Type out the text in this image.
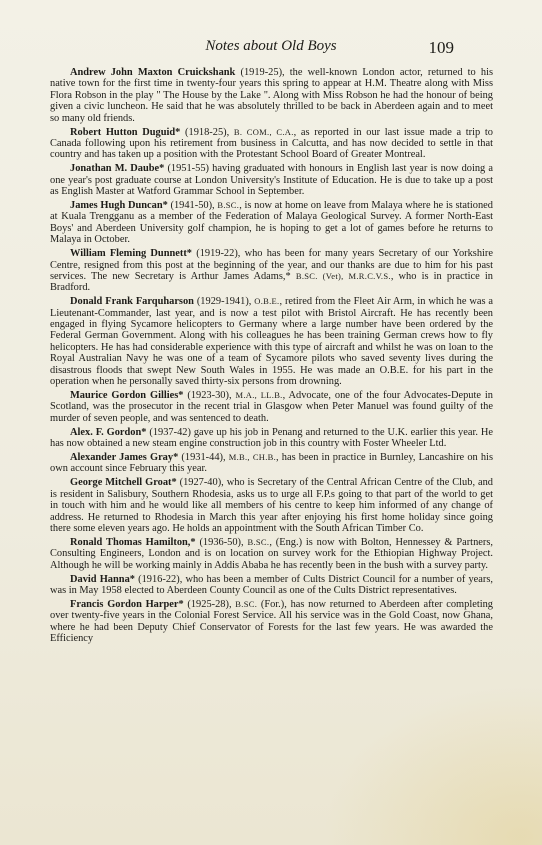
Notes about Old Boys	109

Andrew John Maxton Cruickshank (1919-25), the well-known London actor, returned to his native town for the first time in twenty-four years this spring to appear at H.M. Theatre along with Miss Flora Robson in the play " The House by the Lake ". Along with Miss Robson he had the honour of being given a civic luncheon. He said that he was absolutely thrilled to be back in Aberdeen again and to meet so many old friends.

Robert Hutton Duguid* (1918-25), B. COM., C.A., as reported in our last issue made a trip to Canada following upon his retirement from business in Calcutta, and has now decided to settle in that country and has taken up a position with the Protestant School Board of Greater Montreal.

Jonathan M. Daube* (1951-55) having graduated with honours in English last year is now doing a one year's post graduate course at London University's Institute of Education. He is due to take up a post as English Master at Watford Grammar School in September.

James Hugh Duncan* (1941-50), B.SC., is now at home on leave from Malaya where he is stationed at Kuala Trengganu as a member of the Federation of Malaya Geological Survey. A former North-East Boys' and Aberdeen University golf champion, he is hoping to get a lot of games before he returns to Malaya in October.

William Fleming Dunnett* (1919-22), who has been for many years Secretary of our Yorkshire Centre, resigned from this post at the beginning of the year, and our thanks are due to him for his past services. The new Secretary is Arthur James Adams,* B.SC. (Vet), M.R.C.V.S., who is in practice in Bradford.

Donald Frank Farquharson (1929-1941), O.B.E., retired from the Fleet Air Arm, in which he was a Lieutenant-Commander, last year, and is now a test pilot with Bristol Aircraft. He has recently been engaged in flying Sycamore helicopters to Germany where a large number have been ordered by the Federal German Government. Along with his colleagues he has been training German crews how to fly helicopters. He has had considerable experience with this type of aircraft and whilst he was on loan to the Royal Australian Navy he was one of a team of Sycamore pilots who saved seventy lives during the disastrous floods that swept New South Wales in 1955. He was made an O.B.E. for his part in the operation when he personally saved thirty-six persons from drowning.

Maurice Gordon Gillies* (1923-30), M.A., LL.B., Advocate, one of the four Advocates-Depute in Scotland, was the prosecutor in the recent trial in Glasgow when Peter Manuel was found guilty of the murder of seven people, and was sentenced to death.

Alex. F. Gordon* (1937-42) gave up his job in Penang and returned to the U.K. earlier this year. He has now obtained a new steam engine construction job in this country with Foster Wheeler Ltd.

Alexander James Gray* (1931-44), M.B., CH.B., has been in practice in Burnley, Lancashire on his own account since February this year.

George Mitchell Groat* (1927-40), who is Secretary of the Central African Centre of the Club, and is resident in Salisbury, Southern Rhodesia, asks us to urge all F.P.s going to that part of the world to get in touch with him and he would like all members of his centre to keep him informed of any change of address. He returned to Rhodesia in March this year after enjoying his first home holiday since going there some eleven years ago. He holds an appointment with the South African Timber Co.

Ronald Thomas Hamilton,* (1936-50), B.SC., (Eng.) is now with Bolton, Hennessey & Partners, Consulting Engineers, London and is on location on survey work for the Ethiopian Highway Project. Although he will be working mainly in Addis Ababa he has recently been in the bush with a survey party.

David Hanna* (1916-22), who has been a member of Cults District Council for a number of years, was in May 1958 elected to Aberdeen County Council as one of the Cults District representatives.

Francis Gordon Harper* (1925-28), B.SC. (For.), has now returned to Aberdeen after completing over twenty-five years in the Colonial Forest Service. All his service was in the Gold Coast, now Ghana, where he had been Deputy Chief Conservator of Forests for the last few years. He was awarded the Efficiency
